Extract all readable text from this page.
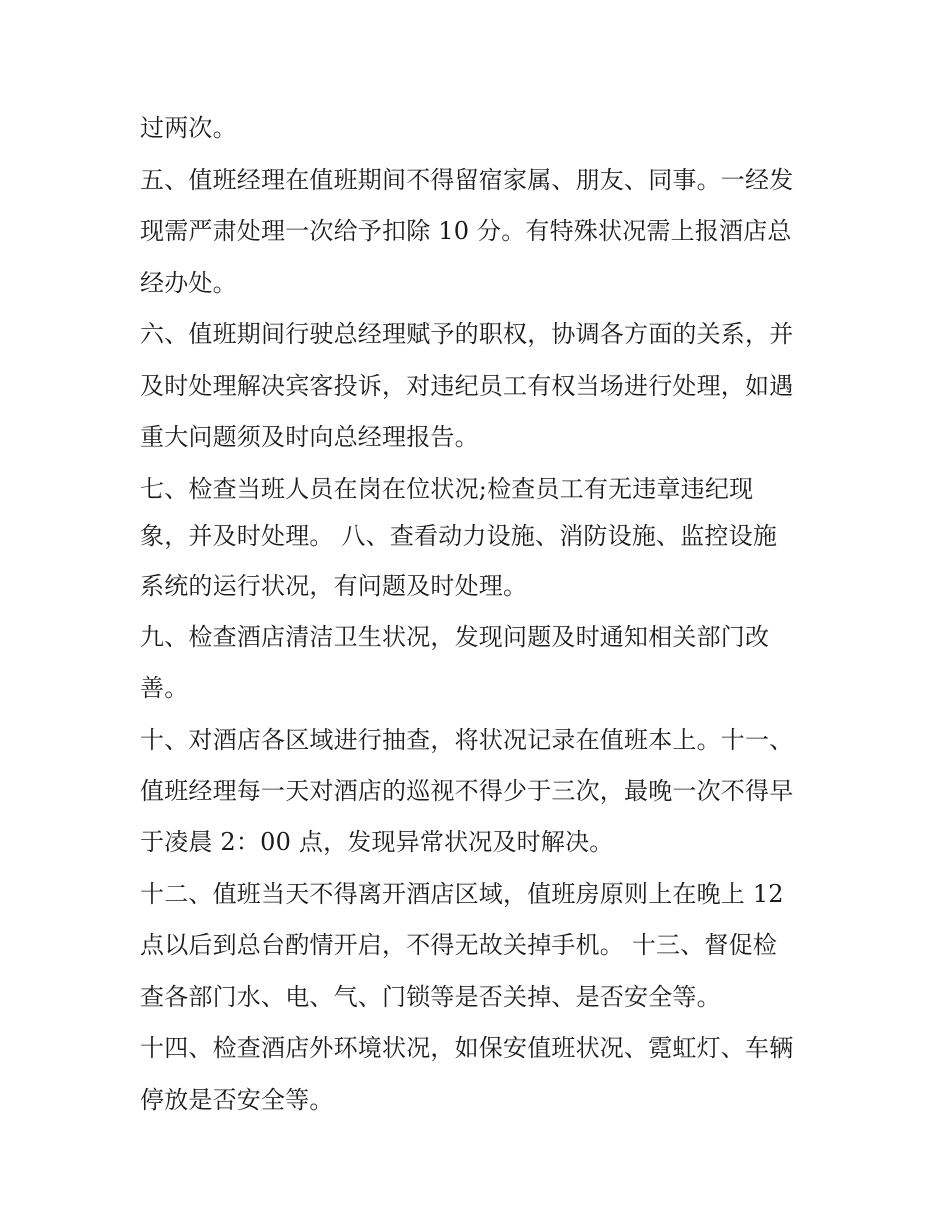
过两次。
五、值班经理在值班期间不得留宿家属、朋友、同事。一经发
现需严肃处理一次给予扣除 10 分。有特殊状况需上报酒店总
经办处。
六、值班期间行驶总经理赋予的职权，协调各方面的关系，并
及时处理解决宾客投诉，对违纪员工有权当场进行处理，如遇
重大问题须及时向总经理报告。
七、检查当班人员在岗在位状况;检查员工有无违章违纪现
象，并及时处理。 八、查看动力设施、消防设施、监控设施
系统的运行状况，有问题及时处理。
九、检查酒店清洁卫生状况，发现问题及时通知相关部门改
善。
十、对酒店各区域进行抽查，将状况记录在值班本上。十一、
值班经理每一天对酒店的巡视不得少于三次，最晚一次不得早
于凌晨 2：00 点，发现异常状况及时解决。
十二、值班当天不得离开酒店区域，值班房原则上在晚上 12
点以后到总台酌情开启，不得无故关掉手机。 十三、督促检
查各部门水、电、气、门锁等是否关掉、是否安全等。
十四、检查酒店外环境状况，如保安值班状况、霓虹灯、车辆
停放是否安全等。
